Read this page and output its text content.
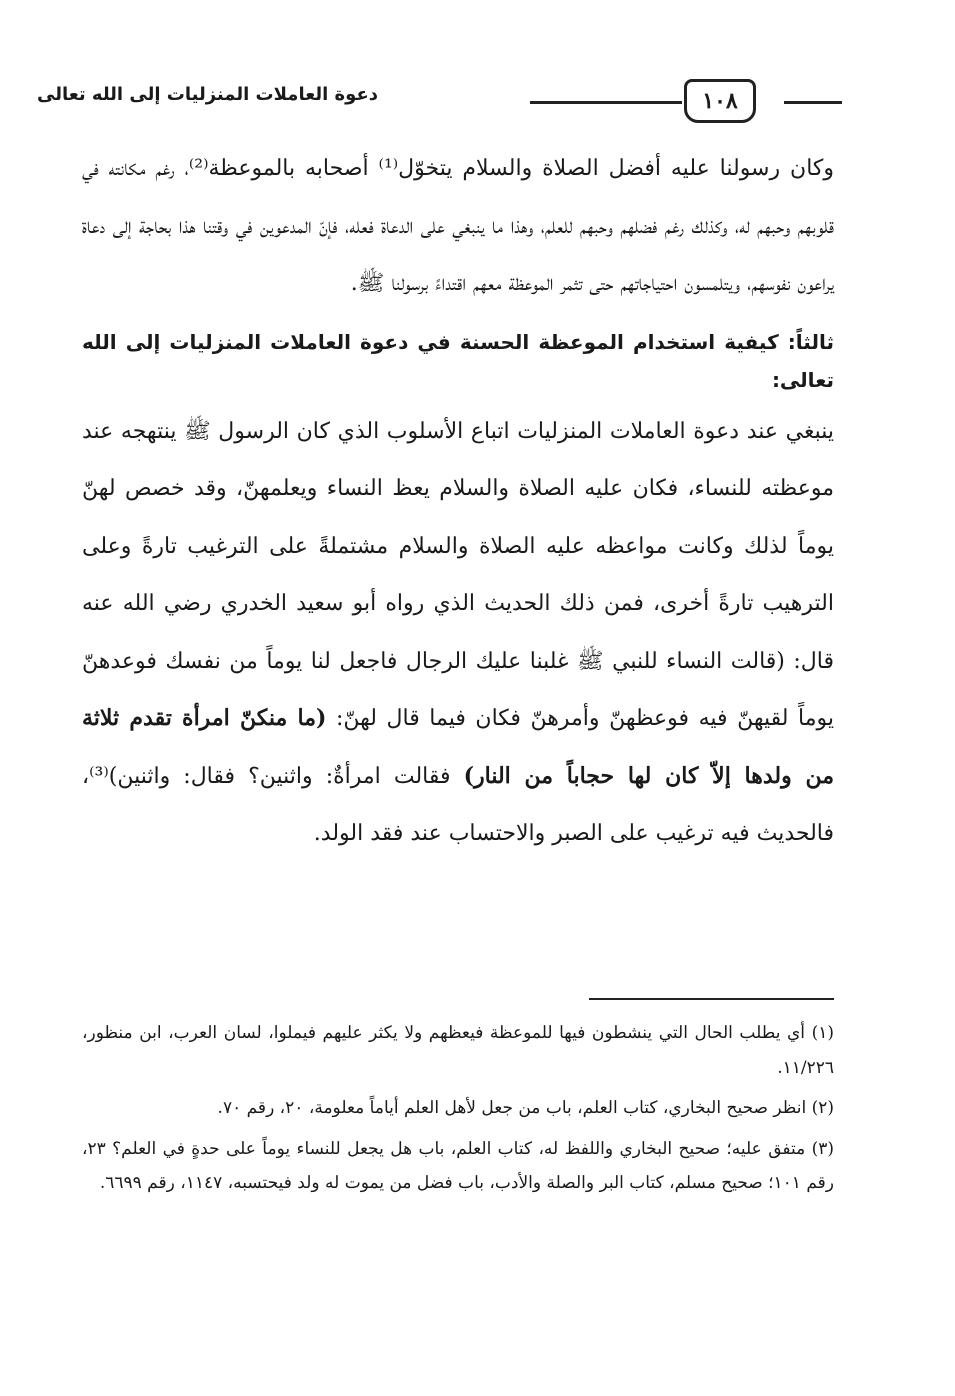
١٠٨
دعوة العاملات المنزليات إلى الله تعالى

وكان رسولنا عليه أفضل الصلاة والسلام يتخوّل⁽¹⁾ أصحابه بالموعظة⁽²⁾، رغم مكانته في قلوبهم وحبهم له، وكذلك رغم فضلهم وحبهم للعلم، وهذا ما ينبغي على الدعاة فعله، فإنّ المدعوين في وقتنا هذا بحاجة إلى دعاة يراعون نفوسهم، ويتلمسون احتياجاتهم حتى تثمر الموعظة معهم اقتداءً برسولنا ﷺ.

ثالثاً: كيفية استخدام الموعظة الحسنة في دعوة العاملات المنزليات إلى الله تعالى:

ينبغي عند دعوة العاملات المنزليات اتباع الأسلوب الذي كان الرسول ﷺ ينتهجه عند موعظته للنساء، فكان عليه الصلاة والسلام يعظ النساء ويعلمهنّ، وقد خصص لهنّ يوماً لذلك وكانت مواعظه عليه الصلاة والسلام مشتملةً على الترغيب تارةً وعلى الترهيب تارةً أخرى، فمن ذلك الحديث الذي رواه أبو سعيد الخدري رضي الله عنه قال: (قالت النساء للنبي ﷺ غلبنا عليك الرجال فاجعل لنا يوماً من نفسك فوعدهنّ يوماً لقيهنّ فيه فوعظهنّ وأمرهنّ فكان فيما قال لهنّ: (ما منكنّ امرأة تقدم ثلاثة من ولدها إلاّ كان لها حجاباً من النار) فقالت امرأةٌ: واثنين؟ فقال: واثنين)⁽³⁾، فالحديث فيه ترغيب على الصبر والاحتساب عند فقد الولد.

(١) أي يطلب الحال التي ينشطون فيها للموعظة فيعظهم ولا يكثر عليهم فيملوا، لسان العرب، ابن منظور، ١١/٢٢٦.

(٢) انظر صحيح البخاري، كتاب العلم، باب من جعل لأهل العلم أياماً معلومة، ٢٠، رقم ٧٠.

(٣) متفق عليه؛ صحيح البخاري واللفظ له، كتاب العلم، باب هل يجعل للنساء يوماً على حدةٍ في العلم؟ ٢٣، رقم ١٠١؛ صحيح مسلم، كتاب البر والصلة والأدب، باب فضل من يموت له ولد فيحتسبه، ١١٤٧، رقم ٦٦٩٩.
